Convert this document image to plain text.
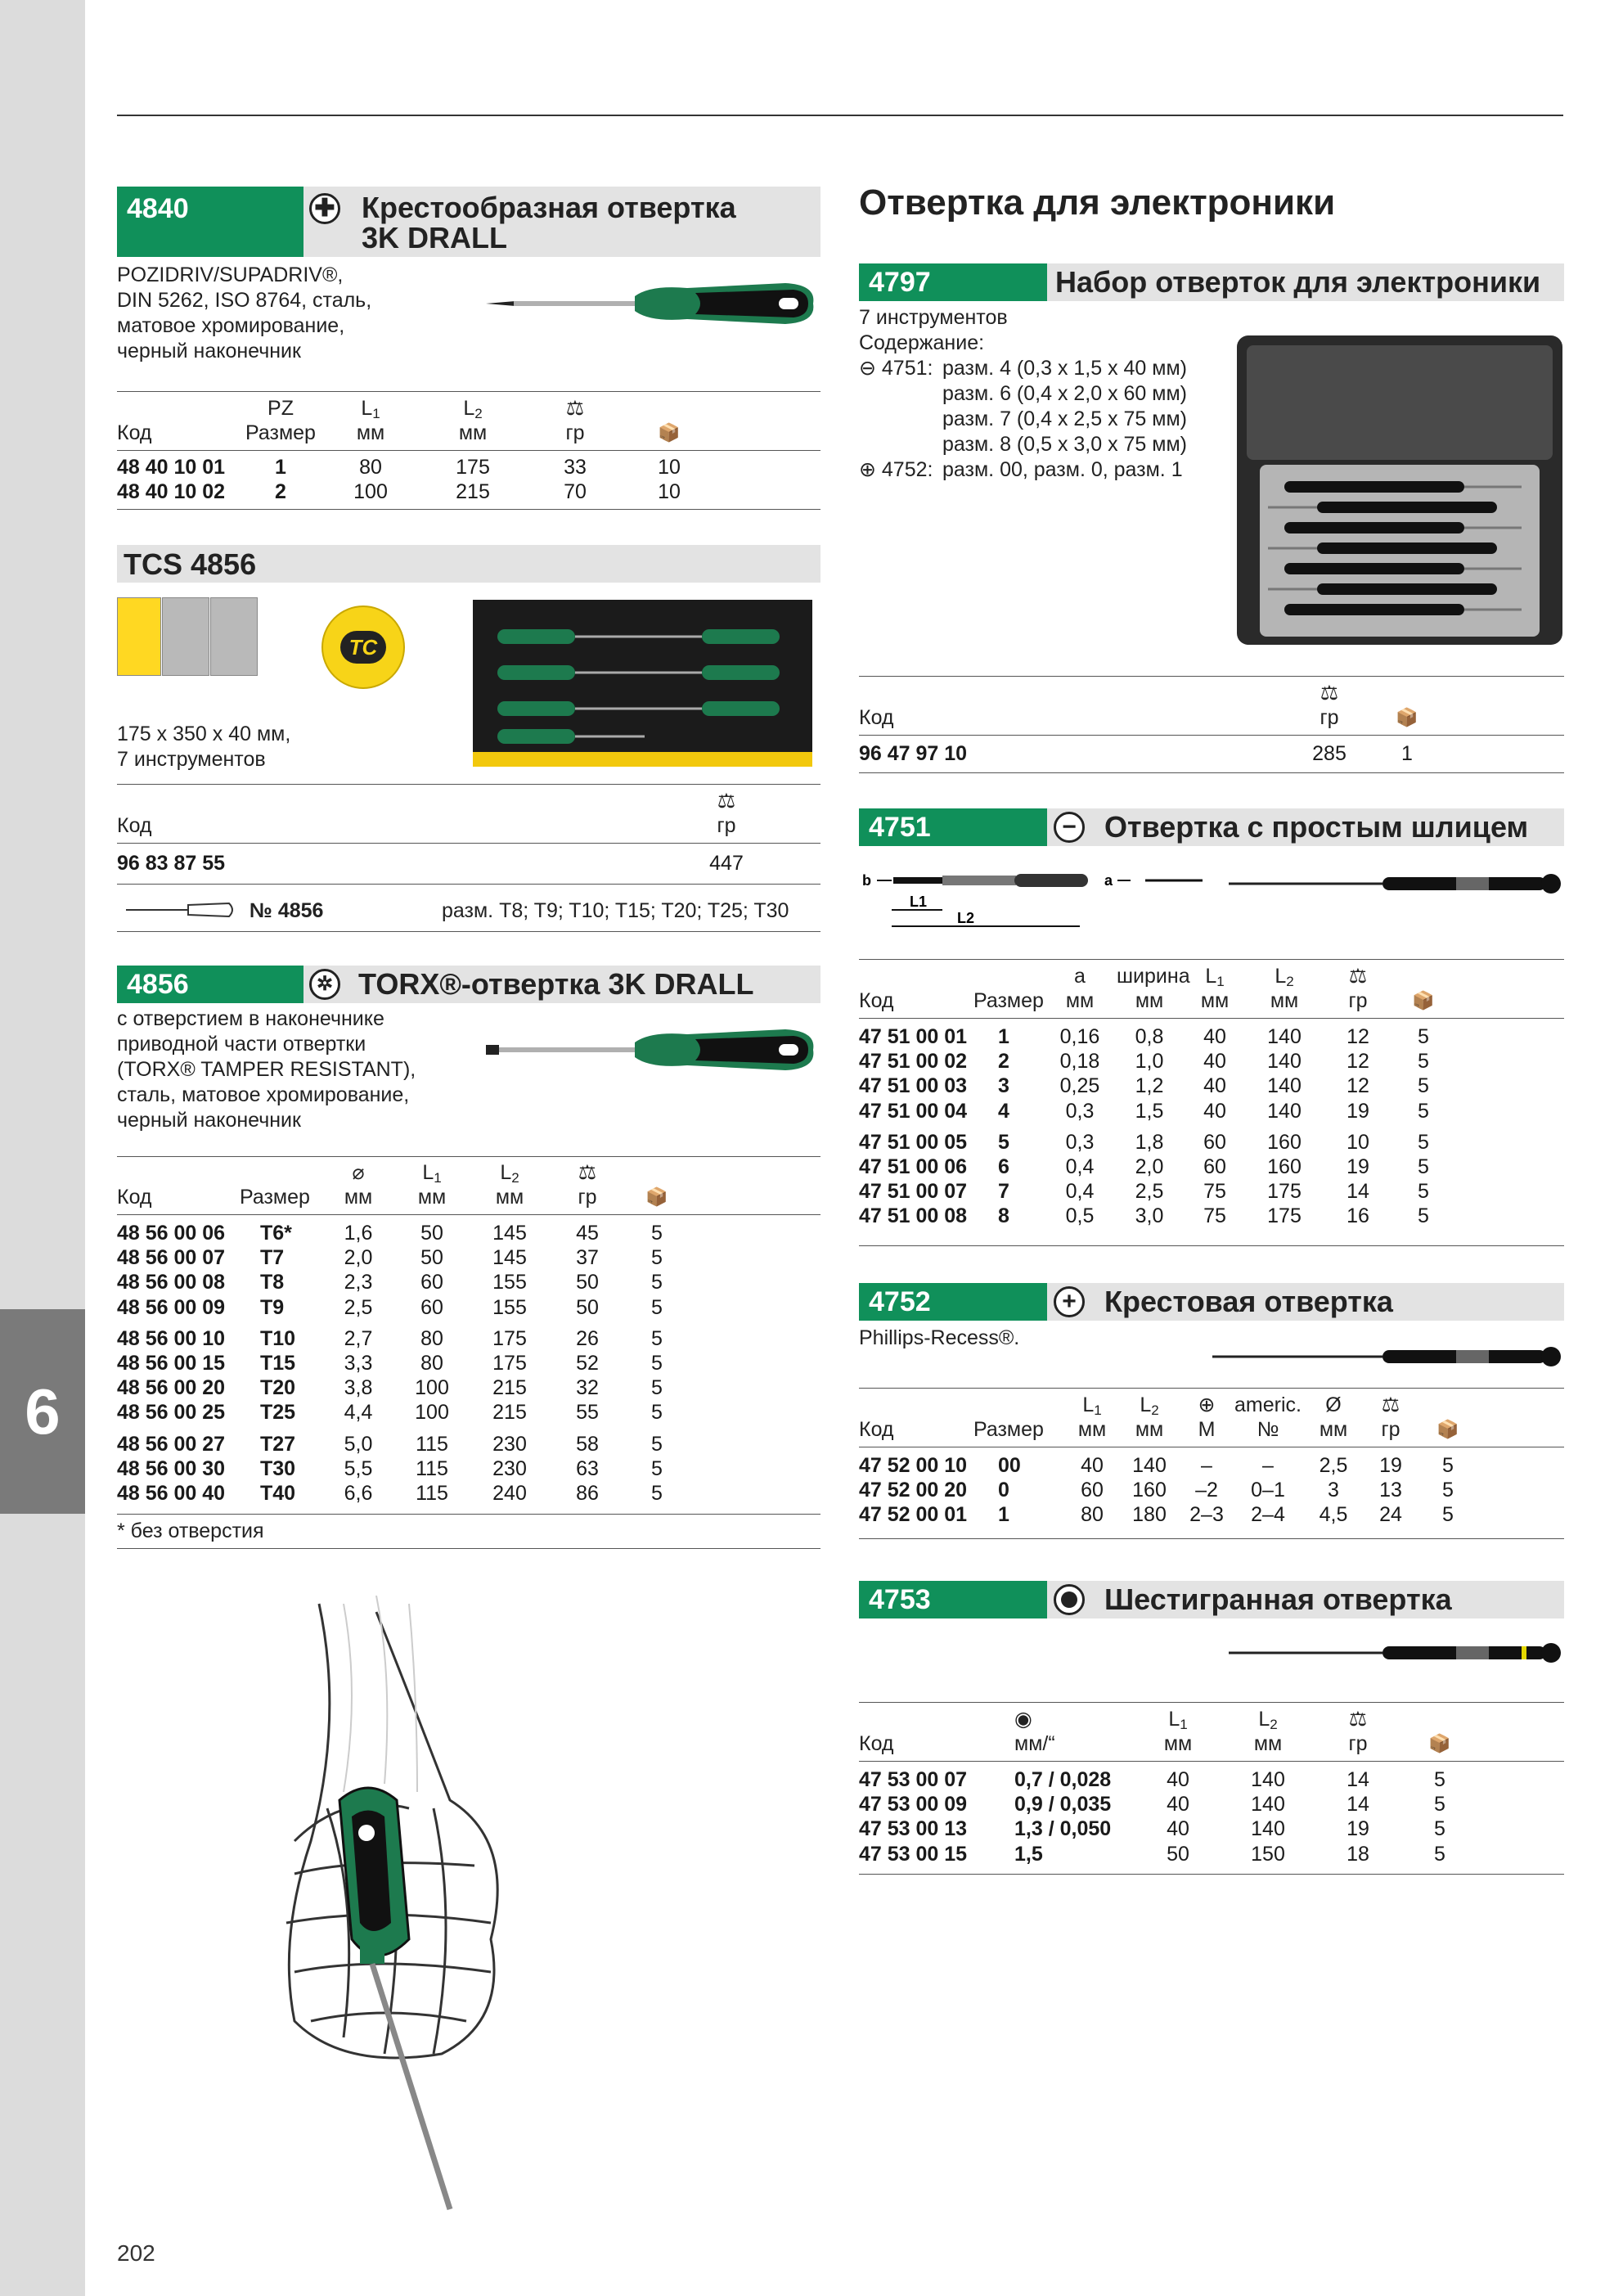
6
202
4840	✚ Крестообразная отвертка
3K DRALL
POZIDRIV/SUPADRIV®,
DIN 5262, ISO 8764, сталь,
матовое хромирование,
черный наконечник
PZ	$L_1$	$L_2$	⚖
Код	Размер	мм	мм	гр	📦
48 40 10 01	1	80	175	33	10
48 40 10 02	2	100	215	70	10
TCS 4856
TC
175 x 350 x 40 мм,
7 инструментов
⚖
Код	гр
96 83 87 55	447
№ 4856	разм. T8; T9; T10; T15; T20; T25; T30
4856	✲ TORX®-отвертка 3K DRALL
с отверстием в наконечнике
приводной части отвертки
(TORX® TAMPER RESISTANT),
сталь, матовое хромирование,
черный наконечник
⌀	$L_1$	$L_2$	⚖
Код	Размер	мм	мм	мм	гр	📦
48 56 00 06 T6*	1,6	50	145	45	5
48 56 00 07 T7	2,0	50	145	37	5
48 56 00 08 T8	2,3	60	155	50	5
48 56 00 09 T9	2,5	60	155	50	5
48 56 00 10 T10	2,7	80	175	26	5
48 56 00 15 T15	3,3	80	175	52	5
48 56 00 20 T20	3,8	100	215	32	5
48 56 00 25 T25	4,4	100	215	55	5
48 56 00 27 T27	5,0	115	230	58	5
48 56 00 30 T30	5,5	115	230	63	5
48 56 00 40 T40	6,6	115	240	86	5
* без отверстия
Отвертка для электроники
4797	Набор отверток для электроники
7 инструментов
Содержание:
⊖ 4751: разм. 4 (0,3 x 1,5 x 40 мм)
разм. 6 (0,4 x 2,0 x 60 мм)
разм. 7 (0,4 x 2,5 x 75 мм)
разм. 8 (0,5 x 3,0 x 75 мм)
⊕ 4752: разм. 00, разм. 0, разм. 1
⚖
Код	гр	📦
96 47 97 10	285	1
4751	− Отвертка с простым шлицем
b
L1
L2
a
a	ширина $L_1$	$L_2$	⚖
Код	Размер	мм	мм	мм	мм	гр	📦
47 51 00 01 1 0,16	0,8	40	140	12	5
47 51 00 02 2 0,18	1,0	40	140	12	5
47 51 00 03 3 0,25	1,2	40	140	12	5
47 51 00 04 4	0,3	1,5	40	140	19	5
47 51 00 05 5	0,3	1,8	60	160	10	5
47 51 00 06 6	0,4	2,0	60	160	19	5
47 51 00 07 7	0,4	2,5	75	175	14	5
47 51 00 08 8	0,5	3,0	75	175	16	5
4752	+ Крестовая отвертка
Phillips-Recess®.
$L_1$	$L_2$	⊕ americ.	Ø	⚖
Код	Размер	мм	мм	M	№	мм	гр	📦
47 52 00 10 00	40	140	–	–	2,5	19	5
47 52 00 20 0	60	160	–2	0–1	3	13	5
47 52 00 01 1	80	180	2–3	2–4	4,5	24	5
4753	Шестигранная отвертка
◉	$L_1$	$L_2$	⚖
Код	мм/“	мм	мм	гр	📦
47 53 00 07 0,7 / 0,028	40	140	14	5
47 53 00 09 0,9 / 0,035	40	140	14	5
47 53 00 13 1,3 / 0,050	40	140	19	5
47 53 00 15 1,5	50	150	18	5
